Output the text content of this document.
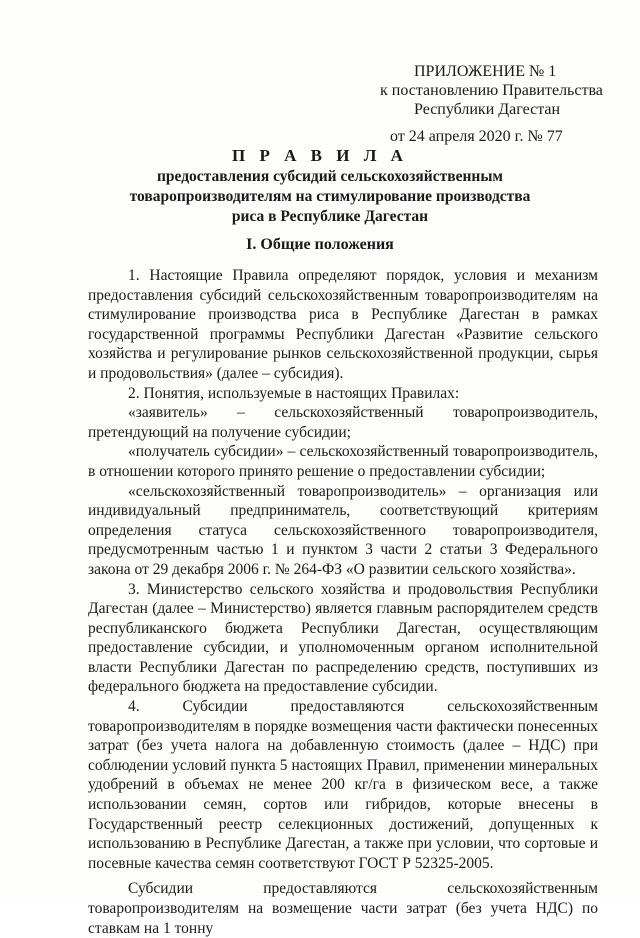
ПРИЛОЖЕНИЕ № 1
к постановлению Правительства
Республики Дагестан
от 24 апреля 2020 г. № 77
П Р А В И Л А
предоставления субсидий сельскохозяйственным товаропроизводителям на стимулирование производства риса в Республике Дагестан
I. Общие положения

1. Настоящие Правила определяют порядок, условия и механизм предоставления субсидий сельскохозяйственным товаропроизводителям на стимулирование производства риса в Республике Дагестан в рамках государственной программы Республики Дагестан «Развитие сельского хозяйства и регулирование рынков сельскохозяйственной продукции, сырья и продовольствия» (далее – субсидия).

2. Понятия, используемые в настоящих Правилах:

«заявитель» – сельскохозяйственный товаропроизводитель, претендующий на получение субсидии;

«получатель субсидии» – сельскохозяйственный товаропроизводитель, в отношении которого принято решение о предоставлении субсидии;

«сельскохозяйственный товаропроизводитель» – организация или индивидуальный предприниматель, соответствующий критериям определения статуса сельскохозяйственного товаропроизводителя, предусмотренным частью 1 и пунктом 3 части 2 статьи 3 Федерального закона от 29 декабря 2006 г. № 264-ФЗ «О развитии сельского хозяйства».

3. Министерство сельского хозяйства и продовольствия Республики Дагестан (далее – Министерство) является главным распорядителем средств республиканского бюджета Республики Дагестан, осуществляющим предоставление субсидии, и уполномоченным органом исполнительной власти Республики Дагестан по распределению средств, поступивших из федерального бюджета на предоставление субсидии.

4. Субсидии предоставляются сельскохозяйственным товаропроизводителям в порядке возмещения части фактически понесенных затрат (без учета налога на добавленную стоимость (далее – НДС) при соблюдении условий пункта 5 настоящих Правил, применении минеральных удобрений в объемах не менее 200 кг/га в физическом весе, а также использовании семян, сортов или гибридов, которые внесены в Государственный реестр селекционных достижений, допущенных к использованию в Республике Дагестан, а также при условии, что сортовые и посевные качества семян соответствуют ГОСТ Р 52325-2005.

Субсидии предоставляются сельскохозяйственным товаропроизводителям на возмещение части затрат (без учета НДС) по ставкам на 1 тонну
